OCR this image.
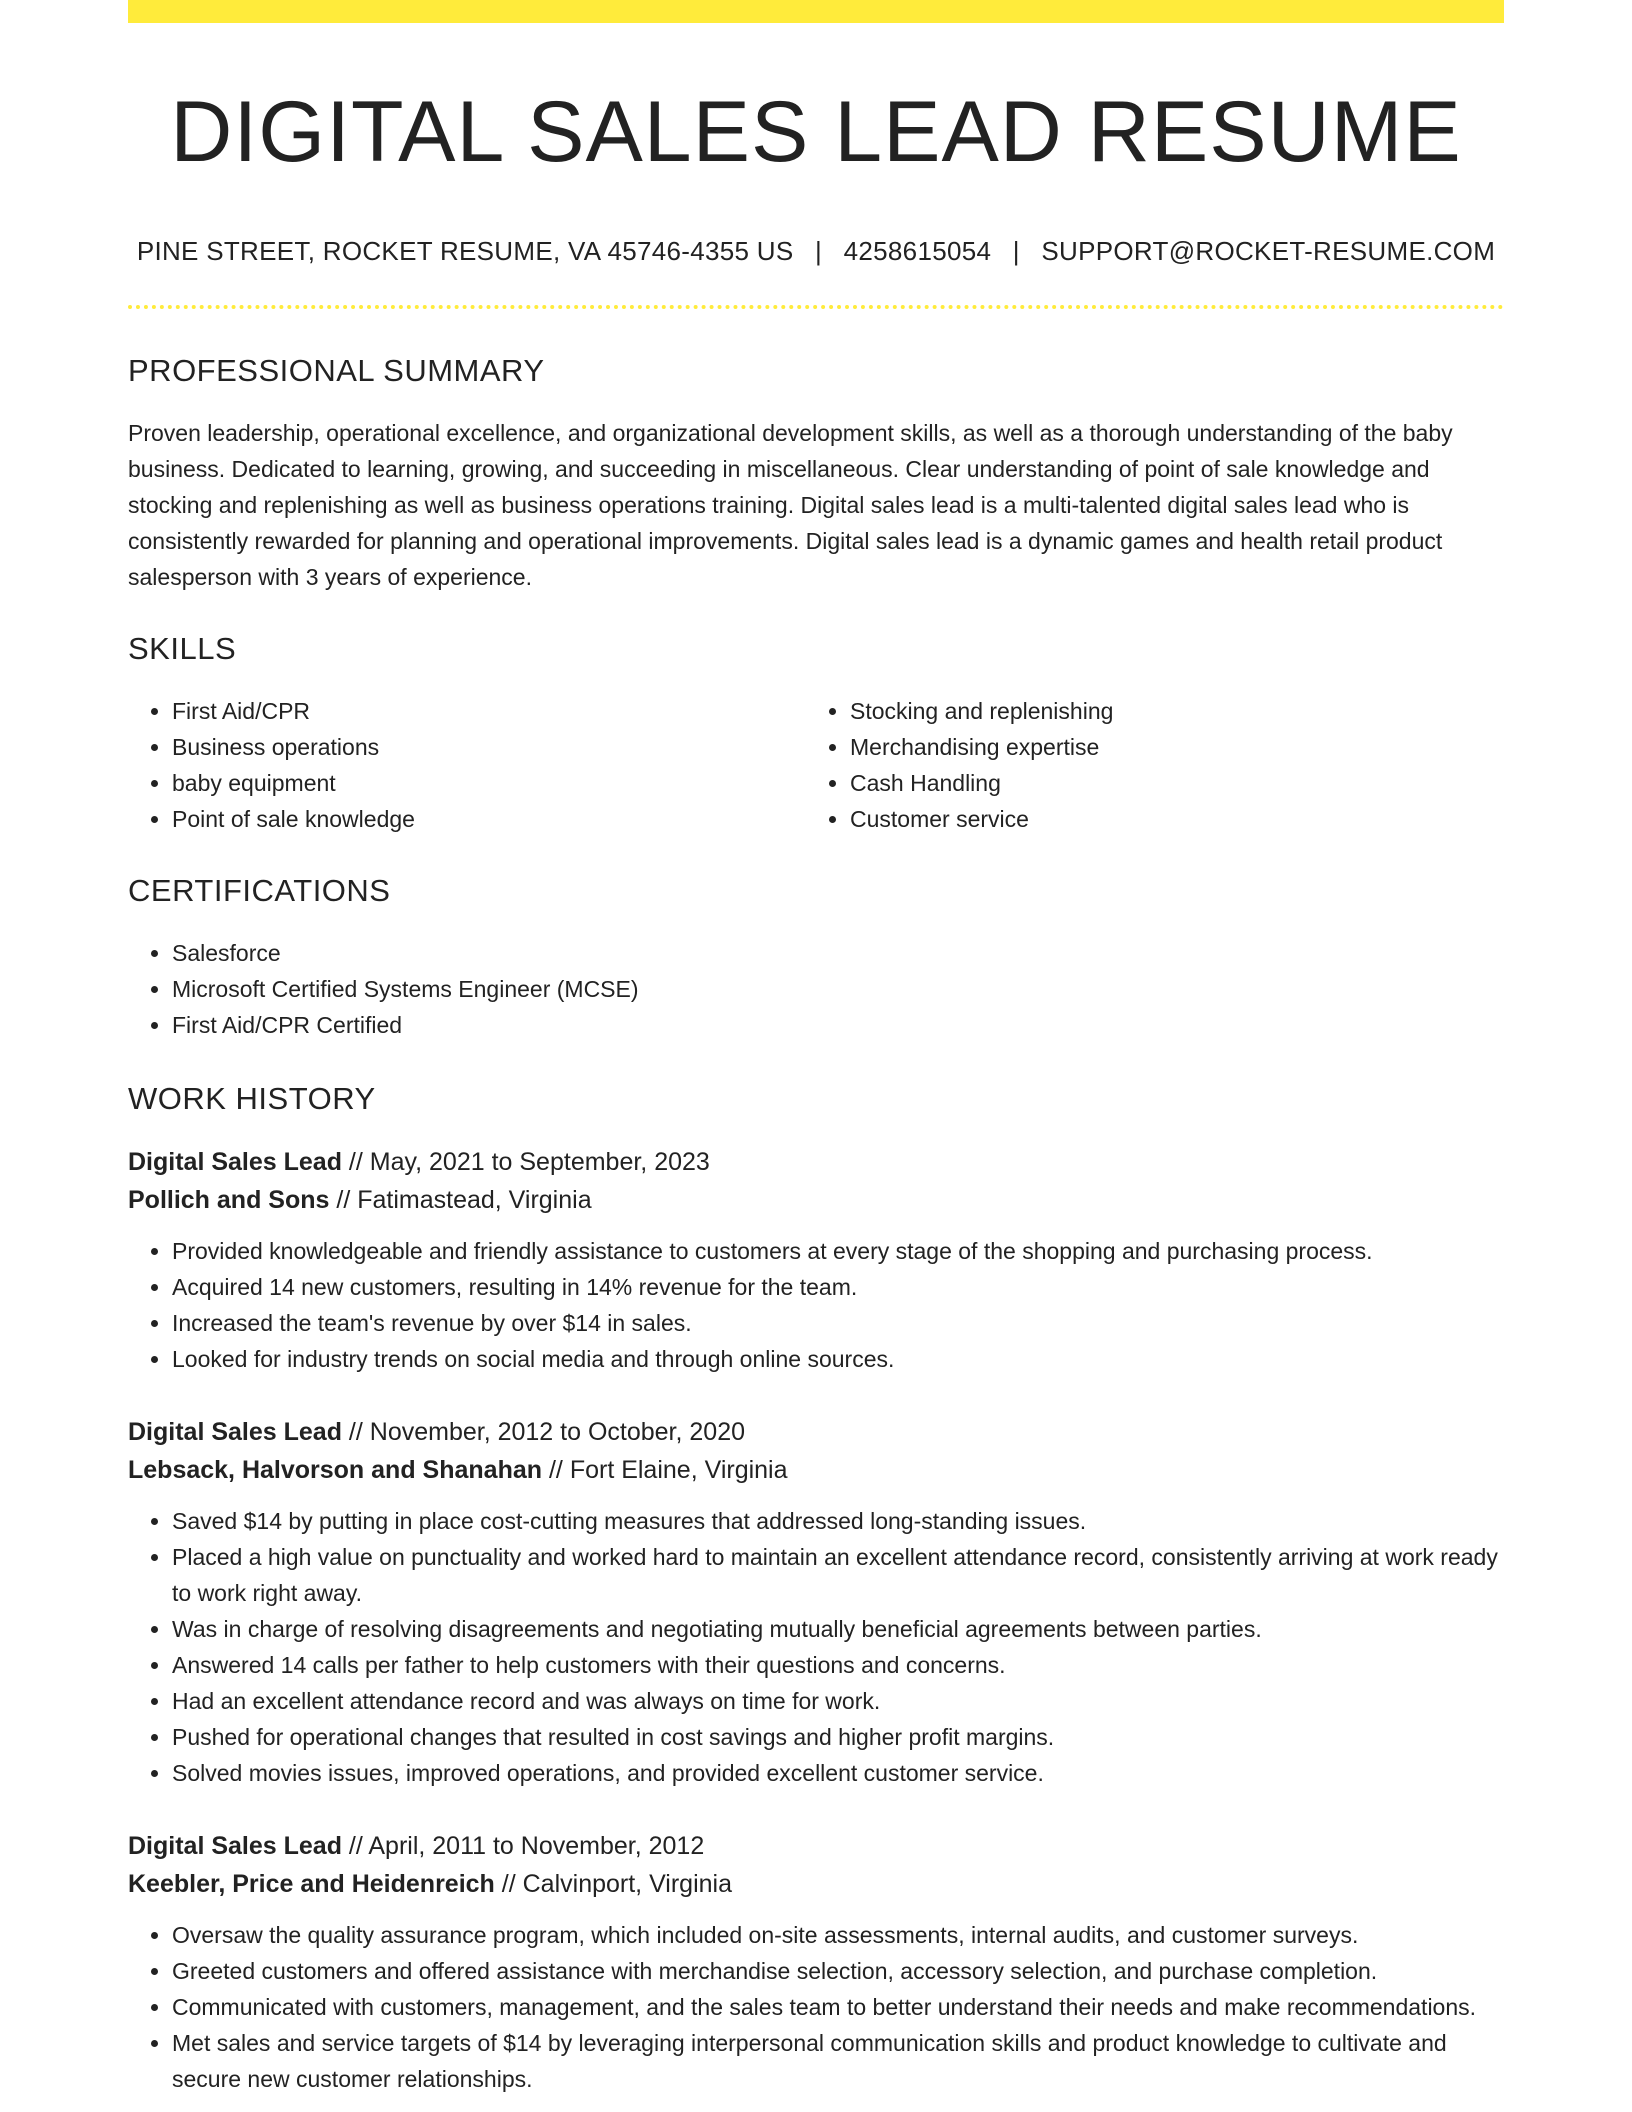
DIGITAL SALES LEAD RESUME
PINE STREET, ROCKET RESUME, VA 45746-4355 US | 4258615054 | SUPPORT@ROCKET-RESUME.COM
PROFESSIONAL SUMMARY
Proven leadership, operational excellence, and organizational development skills, as well as a thorough understanding of the baby business. Dedicated to learning, growing, and succeeding in miscellaneous. Clear understanding of point of sale knowledge and stocking and replenishing as well as business operations training. Digital sales lead is a multi-talented digital sales lead who is consistently rewarded for planning and operational improvements. Digital sales lead is a dynamic games and health retail product salesperson with 3 years of experience.
SKILLS
• First Aid/CPR
• Business operations
• baby equipment
• Point of sale knowledge
• Stocking and replenishing
• Merchandising expertise
• Cash Handling
• Customer service
CERTIFICATIONS
• Salesforce
• Microsoft Certified Systems Engineer (MCSE)
• First Aid/CPR Certified
WORK HISTORY
Digital Sales Lead // May, 2021 to September, 2023
Pollich and Sons // Fatimastead, Virginia
• Provided knowledgeable and friendly assistance to customers at every stage of the shopping and purchasing process.
• Acquired 14 new customers, resulting in 14% revenue for the team.
• Increased the team's revenue by over $14 in sales.
• Looked for industry trends on social media and through online sources.
Digital Sales Lead // November, 2012 to October, 2020
Lebsack, Halvorson and Shanahan // Fort Elaine, Virginia
• Saved $14 by putting in place cost-cutting measures that addressed long-standing issues.
• Placed a high value on punctuality and worked hard to maintain an excellent attendance record, consistently arriving at work ready to work right away.
• Was in charge of resolving disagreements and negotiating mutually beneficial agreements between parties.
• Answered 14 calls per father to help customers with their questions and concerns.
• Had an excellent attendance record and was always on time for work.
• Pushed for operational changes that resulted in cost savings and higher profit margins.
• Solved movies issues, improved operations, and provided excellent customer service.
Digital Sales Lead // April, 2011 to November, 2012
Keebler, Price and Heidenreich // Calvinport, Virginia
• Oversaw the quality assurance program, which included on-site assessments, internal audits, and customer surveys.
• Greeted customers and offered assistance with merchandise selection, accessory selection, and purchase completion.
• Communicated with customers, management, and the sales team to better understand their needs and make recommendations.
• Met sales and service targets of $14 by leveraging interpersonal communication skills and product knowledge to cultivate and secure new customer relationships.
